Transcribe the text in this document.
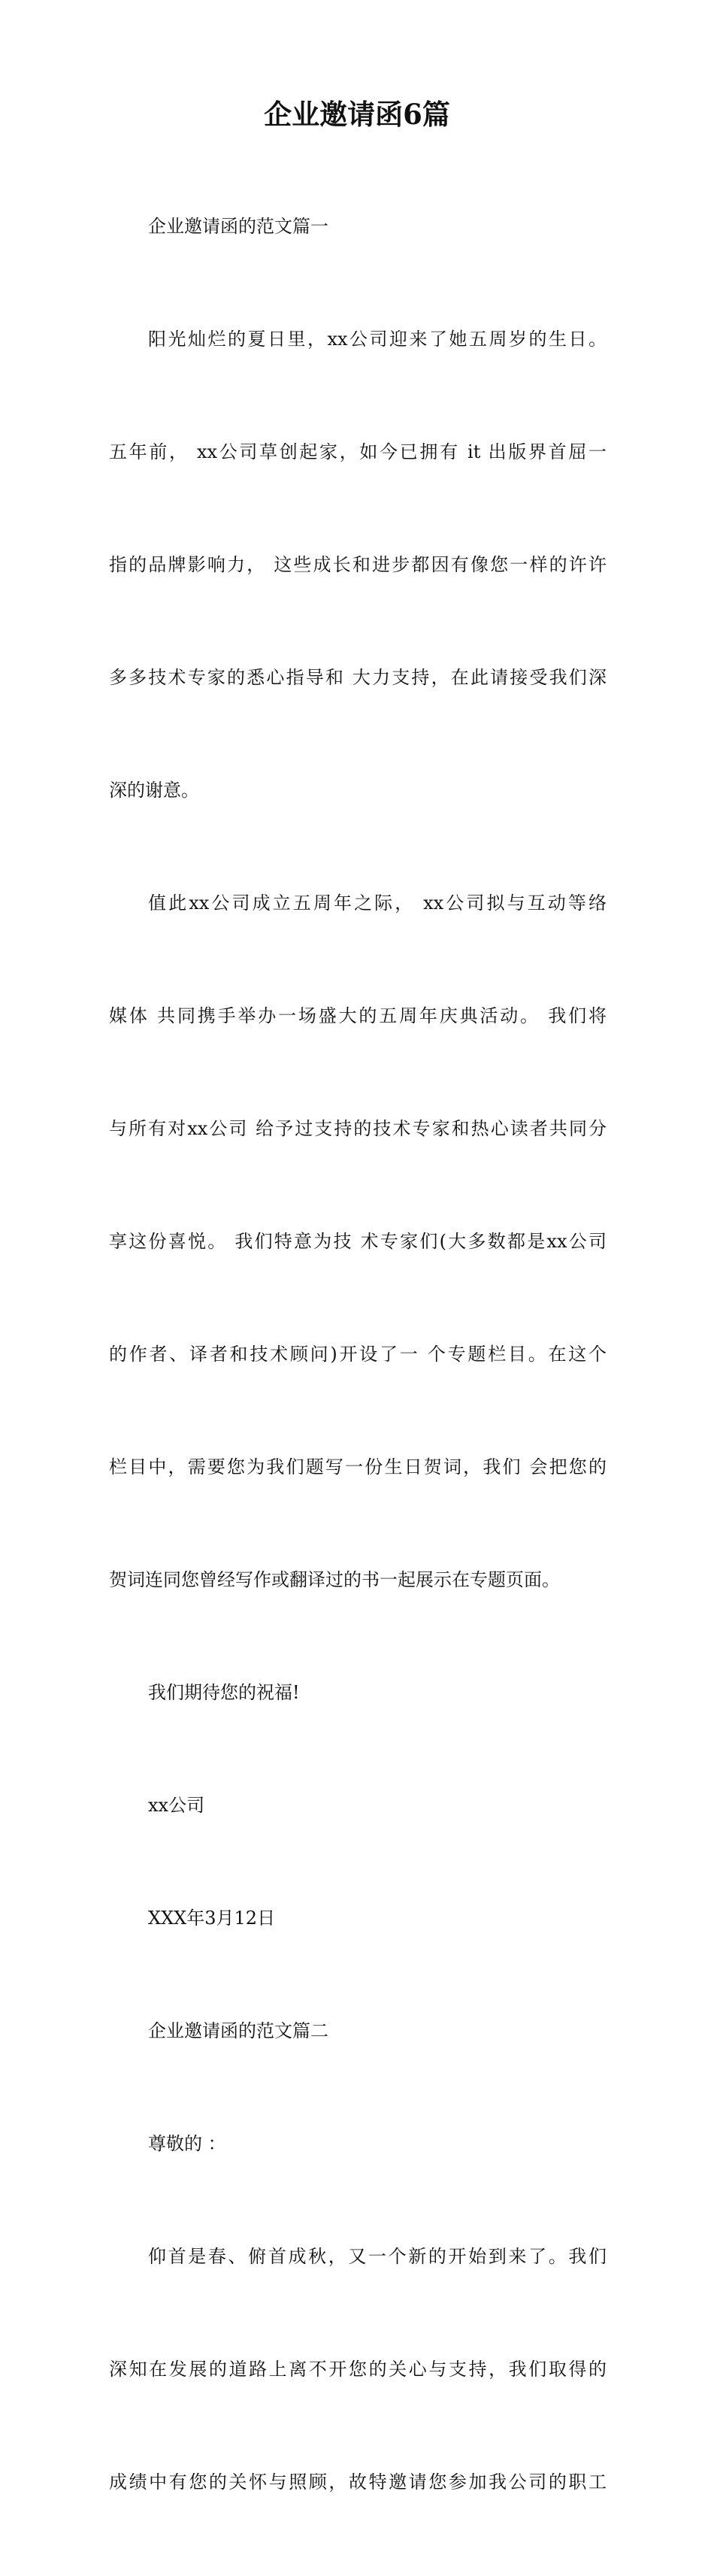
企业邀请函6篇

企业邀请函的范文篇一

阳光灿烂的夏日里，xx公司迎来了她五周岁的生日。

五年前， xx公司草创起家，如今已拥有 it 出版界首屈一

指的品牌影响力， 这些成长和进步都因有像您一样的许许

多多技术专家的悉心指导和 大力支持，在此请接受我们深

深的谢意。

值此xx公司成立五周年之际， xx公司拟与互动等络

媒体 共同携手举办一场盛大的五周年庆典活动。 我们将

与所有对xx公司 给予过支持的技术专家和热心读者共同分

享这份喜悦。 我们特意为技 术专家们(大多数都是xx公司

的作者、译者和技术顾问)开设了一 个专题栏目。在这个

栏目中，需要您为我们题写一份生日贺词，我们 会把您的

贺词连同您曾经写作或翻译过的书一起展示在专题页面。

我们期待您的祝福!

xx公司

XXX年3月12日

企业邀请函的范文篇二

尊敬的 ：

仰首是春、俯首成秋，又一个新的开始到来了。我们

深知在发展的道路上离不开您的关心与支持，我们取得的

成绩中有您的关怀与照顾，故特邀请您参加我公司的职工
